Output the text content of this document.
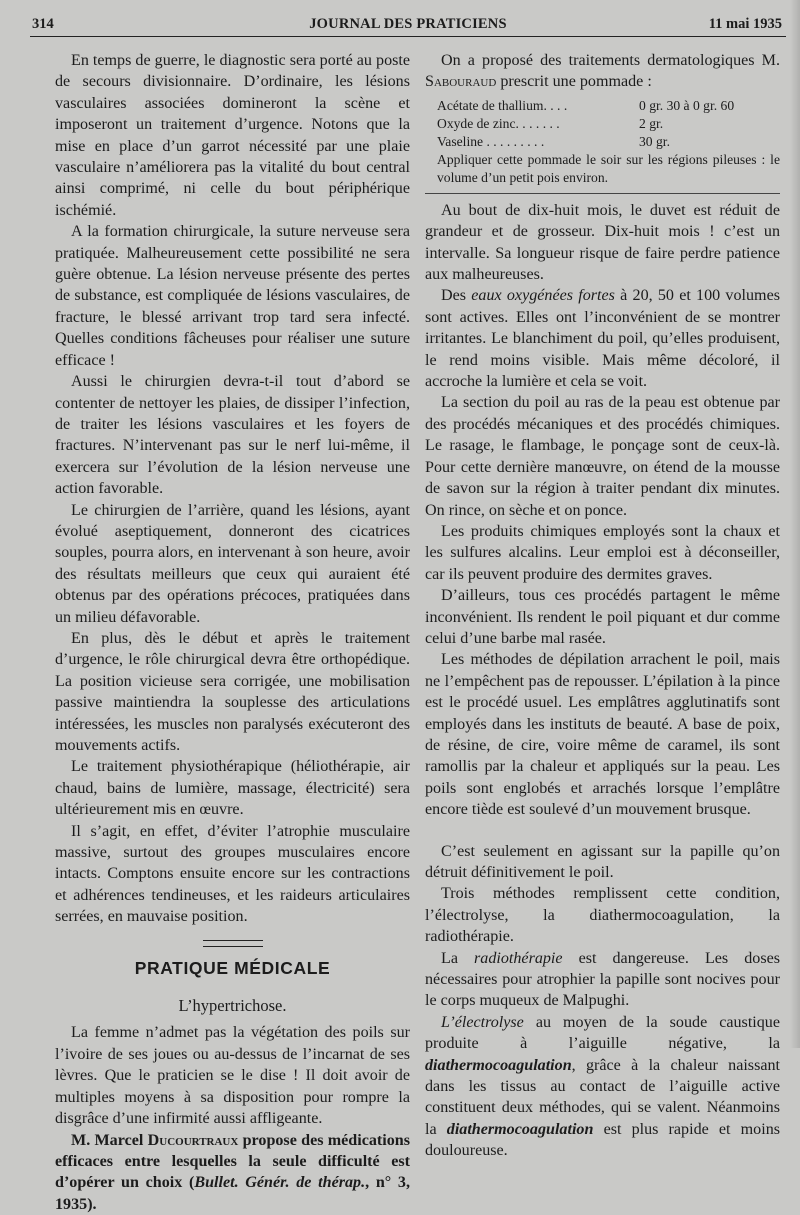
314	JOURNAL DES PRATICIENS	11 mai 1935

En temps de guerre, le diagnostic sera porté au poste de secours divisionnaire. D’ordinaire, les lésions vasculaires associées domineront la scène et imposeront un traitement d’urgence. Notons que la mise en place d’un garrot nécessité par une plaie vasculaire n’améliorera pas la vitalité du bout central ainsi comprimé, ni celle du bout périphérique ischémié.

A la formation chirurgicale, la suture nerveuse sera pratiquée. Malheureusement cette possibilité ne sera guère obtenue. La lésion nerveuse présente des pertes de substance, est compliquée de lésions vasculaires, de fracture, le blessé arrivant trop tard sera infecté. Quelles conditions fâcheuses pour réaliser une suture efficace !

Aussi le chirurgien devra-t-il tout d’abord se contenter de nettoyer les plaies, de dissiper l’infection, de traiter les lésions vasculaires et les foyers de fractures. N’intervenant pas sur le nerf lui-même, il exercera sur l’évolution de la lésion nerveuse une action favorable.

Le chirurgien de l’arrière, quand les lésions, ayant évolué aseptiquement, donneront des cicatrices souples, pourra alors, en intervenant à son heure, avoir des résultats meilleurs que ceux qui auraient été obtenus par des opérations précoces, pratiquées dans un milieu défavorable.

En plus, dès le début et après le traitement d’urgence, le rôle chirurgical devra être orthopédique. La position vicieuse sera corrigée, une mobilisation passive maintiendra la souplesse des articulations intéressées, les muscles non paralysés exécuteront des mouvements actifs.

Le traitement physiothérapique (héliothérapie, air chaud, bains de lumière, massage, électricité) sera ultérieurement mis en œuvre.

Il s’agit, en effet, d’éviter l’atrophie musculaire massive, surtout des groupes musculaires encore intacts. Comptons ensuite encore sur les contractions et adhérences tendineuses, et les raideurs articulaires serrées, en mauvaise position.

PRATIQUE MÉDICALE
L’hypertrichose.

La femme n’admet pas la végétation des poils sur l’ivoire de ses joues ou au-dessus de l’incarnat de ses lèvres. Que le praticien se le dise ! Il doit avoir de multiples moyens à sa disposition pour rompre la disgrâce d’une infirmité aussi affligeante.

M. Marcel Ducourtraux propose des médications efficaces entre lesquelles la seule difficulté est d’opérer un choix (Bullet. Génér. de thérap., n° 3, 1935).

On a proposé des traitements dermatologiques M. Sabouraud prescrit une pommade :

Acétate de thallium. . . .	0 gr. 30 à 0 gr. 60
Oxyde de zinc. . . . . . .	2 gr.
Vaseline . . . . . . . . .	30 gr.
Appliquer cette pommade le soir sur les régions pileuses : le volume d’un petit pois environ.

Au bout de dix-huit mois, le duvet est réduit de grandeur et de grosseur. Dix-huit mois ! c’est un intervalle. Sa longueur risque de faire perdre patience aux malheureuses.

Des eaux oxygénées fortes à 20, 50 et 100 volumes sont actives. Elles ont l’inconvénient de se montrer irritantes. Le blanchiment du poil, qu’elles produisent, le rend moins visible. Mais même décoloré, il accroche la lumière et cela se voit.

La section du poil au ras de la peau est obtenue par des procédés mécaniques et des procédés chimiques. Le rasage, le flambage, le ponçage sont de ceux-là. Pour cette dernière manœuvre, on étend de la mousse de savon sur la région à traiter pendant dix minutes. On rince, on sèche et on ponce.

Les produits chimiques employés sont la chaux et les sulfures alcalins. Leur emploi est à déconseiller, car ils peuvent produire des dermites graves.

D’ailleurs, tous ces procédés partagent le même inconvénient. Ils rendent le poil piquant et dur comme celui d’une barbe mal rasée.

Les méthodes de dépilation arrachent le poil, mais ne l’empêchent pas de repousser. L’épilation à la pince est le procédé usuel. Les emplâtres agglutinatifs sont employés dans les instituts de beauté. A base de poix, de résine, de cire, voire même de caramel, ils sont ramollis par la chaleur et appliqués sur la peau. Les poils sont englobés et arrachés lorsque l’emplâtre encore tiède est soulevé d’un mouvement brusque.

C’est seulement en agissant sur la papille qu’on détruit définitivement le poil.

Trois méthodes remplissent cette condition, l’électrolyse, la diathermocoagulation, la radiothérapie.

La radiothérapie est dangereuse. Les doses nécessaires pour atrophier la papille sont nocives pour le corps muqueux de Malpughi.

L’électrolyse au moyen de la soude caustique produite à l’aiguille négative, la diathermocoagulation, grâce à la chaleur naissant dans les tissus au contact de l’aiguille active constituent deux méthodes, qui se valent. Néanmoins la diathermocoagulation est plus rapide et moins douloureuse.
